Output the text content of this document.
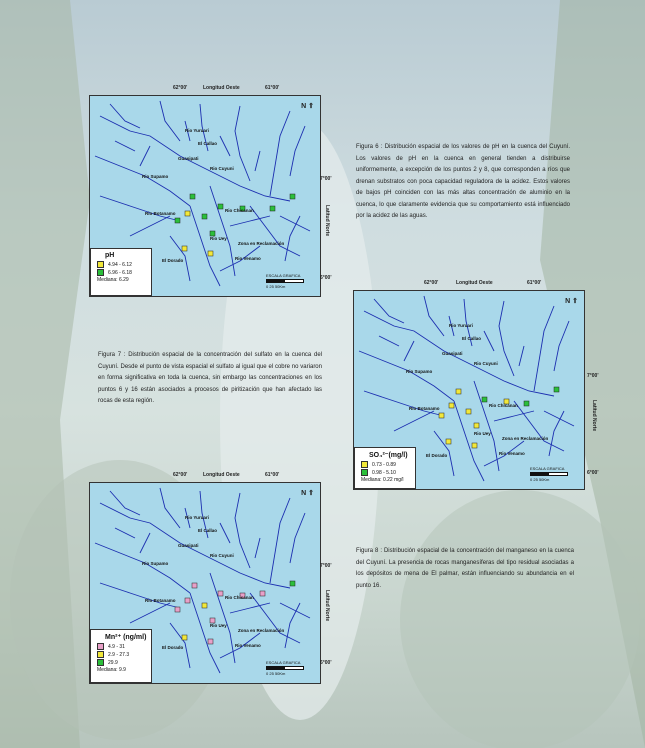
62°00'	Longitud Oeste	61°00'
N ⇑
pH
4.94 - 6.12
6.96 - 6.18
Mediana: 6.29
ESCALA GRAFICA
0 25 50Km
Rio Yuruari
Rio Cuyuni
El Callao
Guasipati
Rio Supamo
Rio Botanamo
El Dorado
Rio Uey
Rio Venamo
Zona en Reclamación
Rio Chicanan
7°00'
6°00'
Latitud Norte
62°00'	Longitud Oeste	61°00'
N ⇑
SO₄²⁻(mg/l)
0.73 - 0.89
0.98 - 5.10
Mediana: 0.22 mg/l
ESCALA GRAFICA
0 25 50Km
Rio Yuruari
Rio Cuyuni
El Callao
Guasipati
Rio Supamo
Rio Botanamo
El Dorado
Rio Uey
Rio Venamo
Zona en Reclamación
Rio Chicanan
7°00'
6°00'
Latitud Norte
62°00'	Longitud Oeste	61°00'
N ⇑
Mn²⁺ (ng/ml)
4.9 - 31
2.9 - 27.3
29.9
Mediana: 9.9
ESCALA GRAFICA
0 25 50Km
Rio Yuruari
Rio Cuyuni
El Callao
Guasipati
Rio Supamo
Rio Botanamo
El Dorado
Rio Uey
Rio Venamo
Zona en Reclamación
Rio Chicanan
7°00'
6°00'
Latitud Norte
Figura 6 : Distribución espacial de los valores de pH en la cuenca del Cuyuní. Los valores de pH en la cuenca en general tienden a distribuirse uniformemente, a excepción de los puntos 2 y 8, que corresponden a ríos que drenan substratos con poca capacidad reguladora de la acidez. Estos valores de bajos pH coinciden con las más altas concentración de aluminio en la cuenca, lo que claramente evidencia que su comportamiento está influenciado por la acidez de las aguas.
Figura 7 : Distribución espacial de la concentración del sulfato en la cuenca del Cuyuní. Desde el punto de vista espacial el sulfato al igual que el cobre no variaron en forma significativa en toda la cuenca, sin embargo las concentraciones en los puntos 6 y 16 están asociados a procesos de piritización que han afectado las rocas de esta región.
Figura 8 : Distribución espacial de la concentración del manganeso en la cuenca del Cuyuní. La presencia de rocas manganesíferas del tipo residual asociadas a los depósitos de mena de El palmar, están influenciando su abundancia en el punto 16.
